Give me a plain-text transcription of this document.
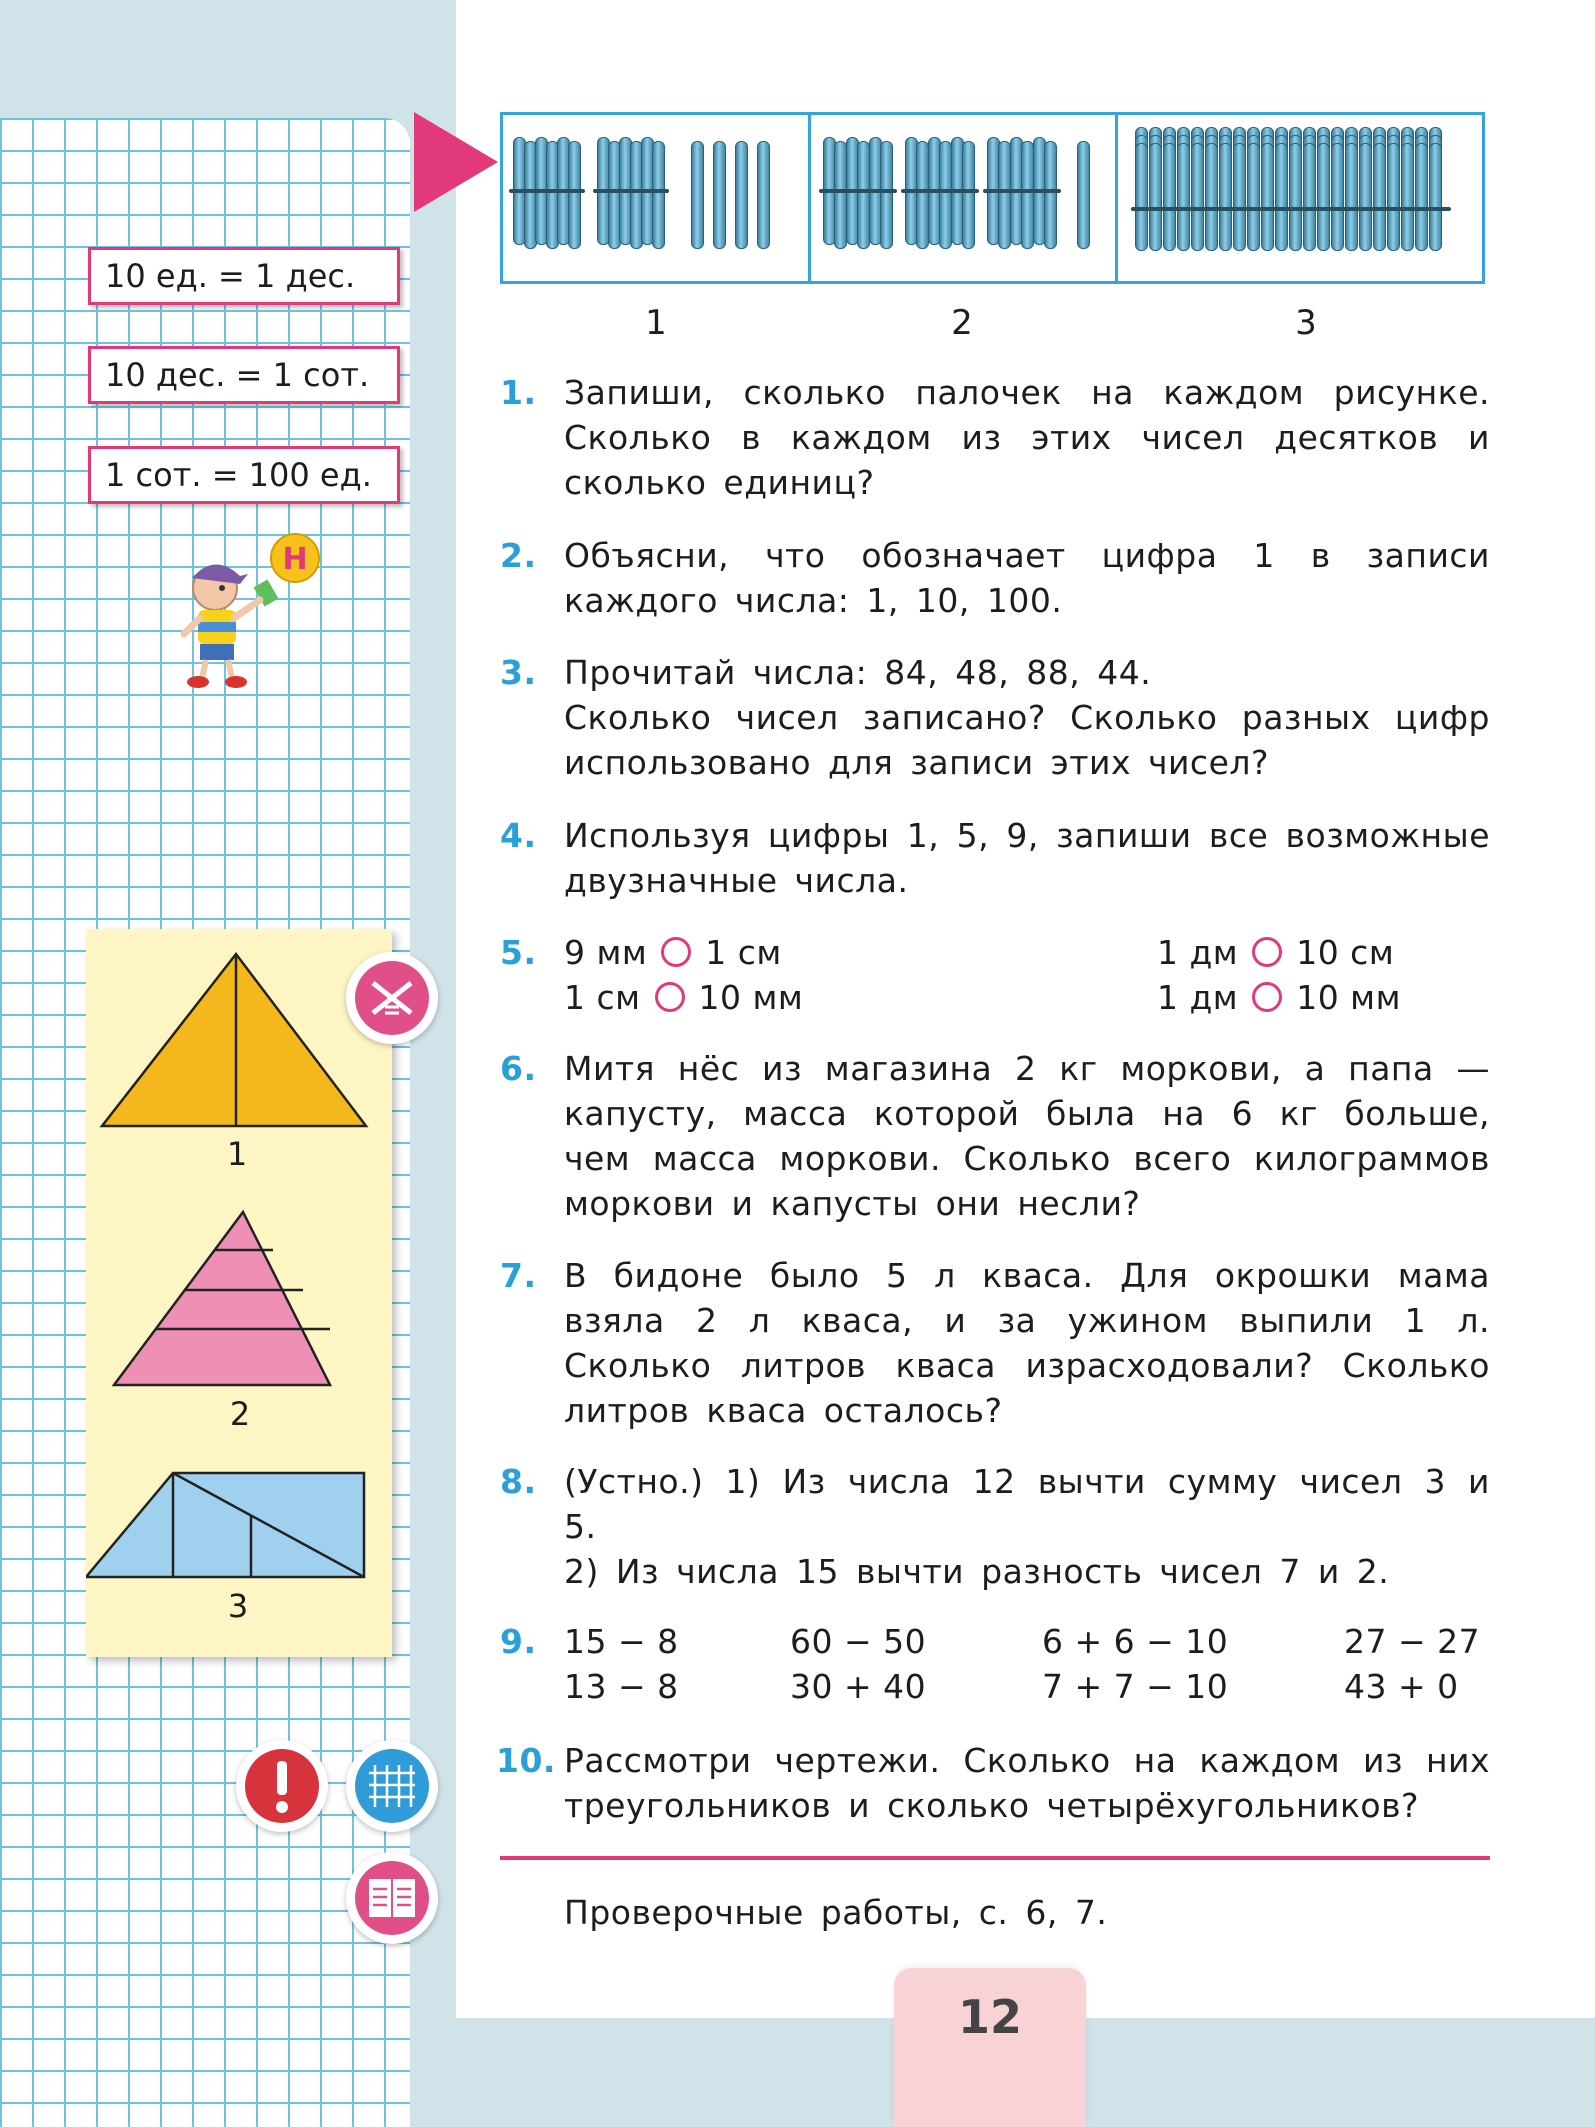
10 ед. = 1 дес.
10 дес. = 1 сот.
1 сот. = 100 ед.
Н
1
2
3
1	2	3
1. Запиши, сколько палочек на каждом рисунке. Сколько в каждом из этих чисел десятков и сколько единиц?
2. Объясни, что обозначает цифра 1 в записи каждого числа: 1, 10, 100.
3. Прочитай числа: 84, 48, 88, 44.
Сколько чисел записано? Сколько разных цифр использовано для записи этих чисел?
4. Используя цифры 1, 5, 9, запиши все возможные двузначные числа.
5. 9 мм 1 см
1 см 10 мм
1 дм 10 см
1 дм 10 мм
6. Митя нёс из магазина 2 кг моркови, а папа — капусту, масса которой была на 6 кг больше, чем масса моркови. Сколько всего килограммов моркови и капусты они несли?
7. В бидоне было 5 л кваса. Для окрошки мама взяла 2 л кваса, и за ужином выпили 1 л. Сколько литров кваса израсходовали? Сколько литров кваса осталось?
8. (Устно.) 1) Из числа 12 вычти сумму чисел 3 и 5.
2) Из числа 15 вычти разность чисел 7 и 2.
9. 15 − 8
13 − 8
60 − 50
30 + 40
6 + 6 − 10
7 + 7 − 10
27 − 27
43 + 0
10. Рассмотри чертежи. Сколько на каждом из них треугольников и сколько четырёхугольников?
Проверочные работы, с. 6, 7.
12
